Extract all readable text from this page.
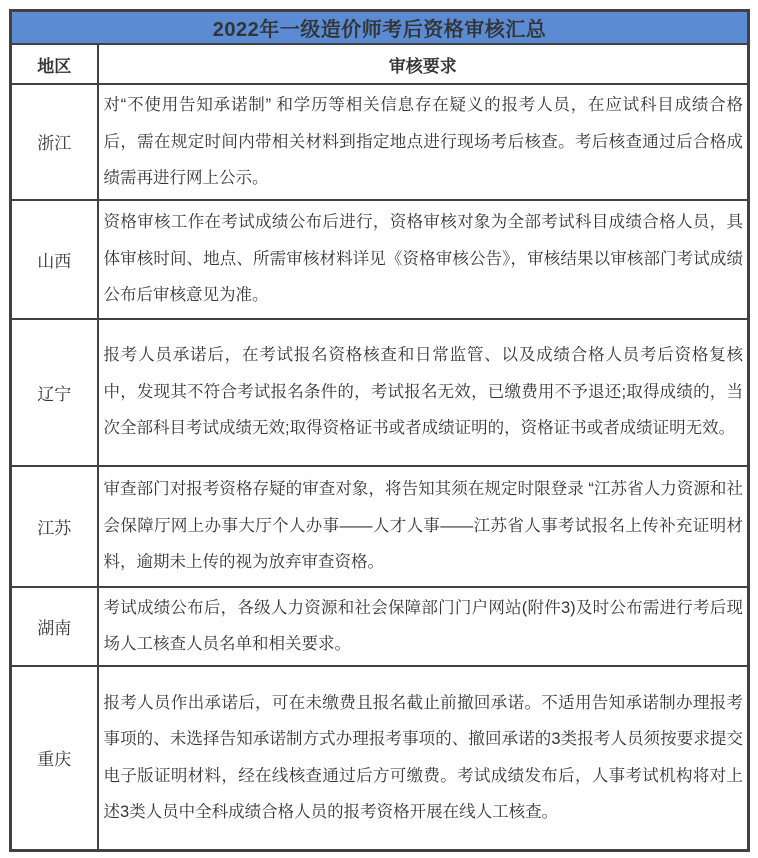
2022年一级造价师考后资格审核汇总	
地区	审核要求
浙江	对“不使用告知承诺制” 和学历等相关信息存在疑义的报考人员，在应试科目成绩合格后，需在规定时间内带相关材料到指定地点进行现场考后核查。考后核查通过后合格成绩需再进行网上公示。
山西	资格审核工作在考试成绩公布后进行，资格审核对象为全部考试科目成绩合格人员，具体审核时间、地点、所需审核材料详见《资格审核公告》，审核结果以审核部门考试成绩公布后审核意见为准。
辽宁	报考人员承诺后，在考试报名资格核查和日常监管、以及成绩合格人员考后资格复核中，发现其不符合考试报名条件的，考试报名无效，已缴费用不予退还;取得成绩的，当次全部科目考试成绩无效;取得资格证书或者成绩证明的，资格证书或者成绩证明无效。
江苏	审查部门对报考资格存疑的审查对象，将告知其须在规定时限登录 “江苏省人力资源和社会保障厅网上办事大厅个人办事——人才人事——江苏省人事考试报名上传补充证明材料，逾期未上传的视为放弃审查资格。
湖南	考试成绩公布后，各级人力资源和社会保障部门门户网站(附件3)及时公布需进行考后现场人工核查人员名单和相关要求。
重庆	报考人员作出承诺后，可在未缴费且报名截止前撤回承诺。不适用告知承诺制办理报考事项的、未选择告知承诺制方式办理报考事项的、撤回承诺的3类报考人员须按要求提交电子版证明材料，经在线核查通过后方可缴费。考试成绩发布后，人事考试机构将对上述3类人员中全科成绩合格人员的报考资格开展在线人工核查。
